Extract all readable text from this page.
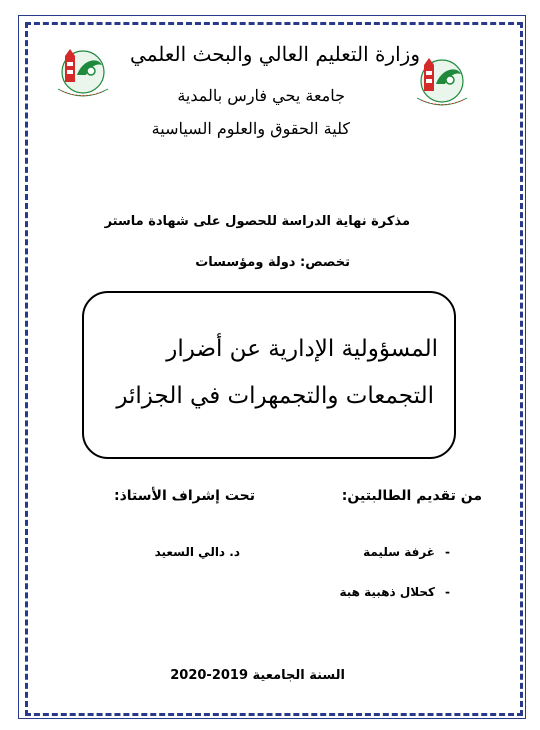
وزارة التعليم العالي والبحث العلمي
جامعة يحي فارس بالمدية
كلية الحقوق والعلوم السياسية
مذكرة نهاية الدراسة للحصول على شهادة ماستر
تخصص: دولة ومؤسسات
المسؤولية الإدارية عن أضرار
التجمعات والتجمهرات في الجزائر
من تقديم الطالبتين:
تحت إشراف الأستاذ:
-غرفة سليمة
-كحلال ذهبية هبة
د. دالي السعيد
السنة الجامعية 2019-2020
